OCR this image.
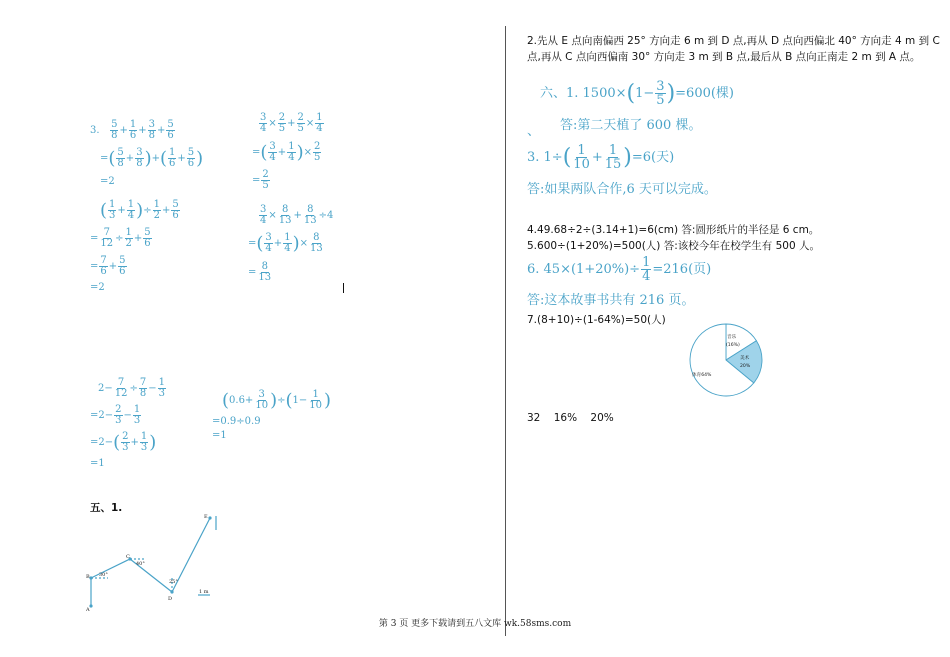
3. $\frac{5}{8} + \frac{1}{6} + \frac{3}{8} + \frac{5}{6}$
=( $\frac{5}{8} + \frac{3}{8}$ )+( $\frac{1}{6} + \frac{5}{6}$ )
=2
$\frac{3}{4} \times \frac{2}{5} + \frac{2}{5} \times \frac{1}{4}$
=( $\frac{3}{4} + \frac{1}{4}$ )× $\frac{2}{5}$
= $\frac{2}{5}$
( $\frac{1}{3} + \frac{1}{4}$ )÷ $\frac{1}{2} + \frac{5}{6}$
= $\frac{7}{12} \div \frac{1}{2} + \frac{5}{6}$
= $\frac{7}{6} + \frac{5}{6}$
=2
$\frac{3}{4} \times \frac{8}{13} + \frac{8}{13} \div 4$
=( $\frac{3}{4} + \frac{1}{4}$ )× $\frac{8}{13}$
= $\frac{8}{13}$
$2- \frac{7}{12} \div \frac{7}{8} - \frac{1}{3}$
$=2- \frac{2}{3} - \frac{1}{3}$
$=2-( \frac{2}{3} + \frac{1}{3}$ )
=1
$(0.6+ \frac{3}{10} )\div(1- \frac{1}{10}$ )
=0.9÷0.9
=1
五、1.
B
C
D
E
A
30°
40°
25°
1 m
2.先从 E 点向南偏西 25° 方向走 6 m 到 D 点,再从 D 点向西偏北 40° 方向走 4 m 到 C
点,再从 C 点向西偏南 30° 方向走 3 m 到 B 点,最后从 B 点向正南走 2 m 到 A 点。
六、1. $1500\times(1- \frac{3}{5} )=600$(棵)
、 答:第二天植了 600 棵。
3. $1\div( \frac{1}{10} + \frac{1}{15} )=6$(天)
答:如果两队合作,6 天可以完成。
4.49.68÷2÷(3.14+1)=6(cm) 答:圆形纸片的半径是 6 cm。
5.600÷(1+20%)=500(人) 答:该校今年在校学生有 500 人。
6. $45\times(1+20\%)\div \frac{1}{4} =216$(页)
答:这本故事书共有 216 页。
7.(8+10)÷(1-64%)=50(人)
音乐
(16%)
美术
20%
体育64%
32    16%    20%
第 3 页 更多下载请到五八文库 wk.58sms.com
